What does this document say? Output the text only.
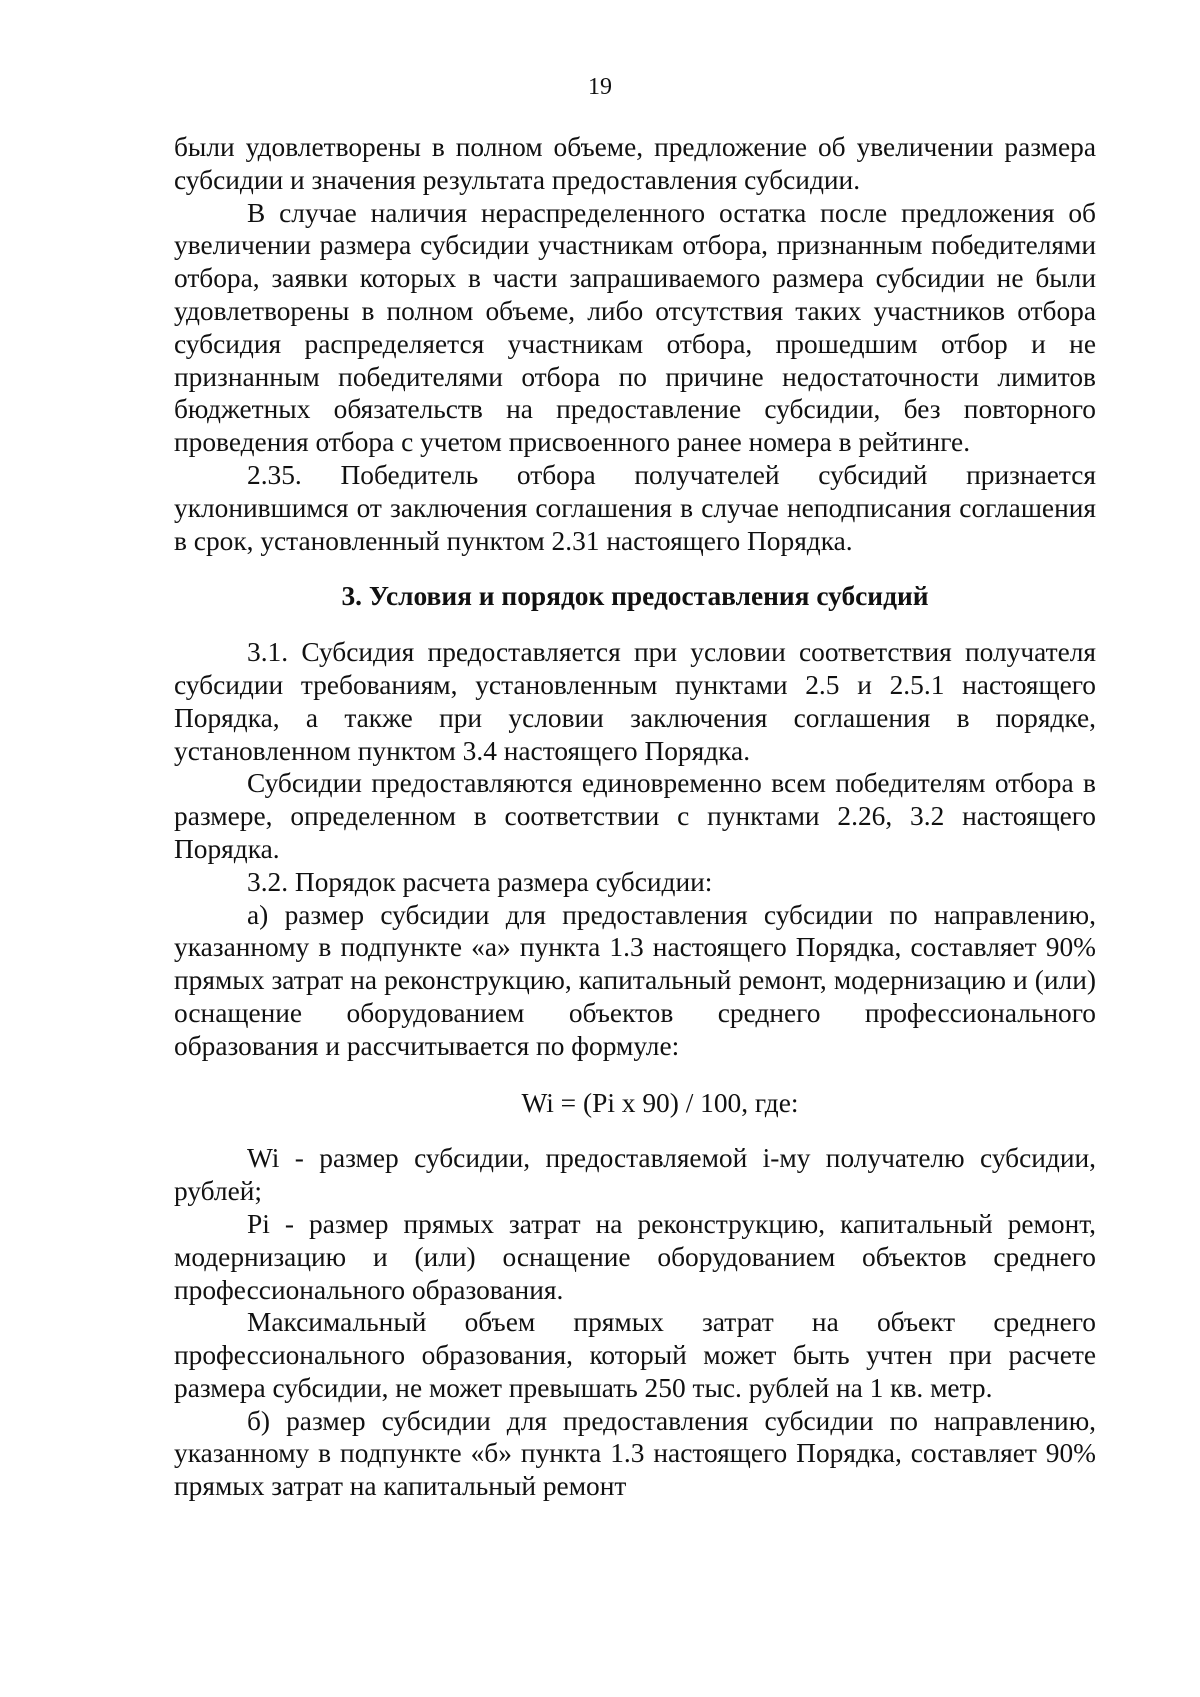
19

были удовлетворены в полном объеме, предложение об увеличении размера субсидии и значения результата предоставления субсидии.

В случае наличия нераспределенного остатка после предложения об увеличении размера субсидии участникам отбора, признанным победителями отбора, заявки которых в части запрашиваемого размера субсидии не были удовлетворены в полном объеме, либо отсутствия таких участников отбора субсидия распределяется участникам отбора, прошедшим отбор и не признанным победителями отбора по причине недостаточности лимитов бюджетных обязательств на предоставление субсидии, без повторного проведения отбора с учетом присвоенного ранее номера в рейтинге.

2.35. Победитель отбора получателей субсидий признается уклонившимся от заключения соглашения в случае неподписания соглашения в срок, установленный пунктом 2.31 настоящего Порядка.

3. Условия и порядок предоставления субсидий

3.1. Субсидия предоставляется при условии соответствия получателя субсидии требованиям, установленным пунктами 2.5 и 2.5.1 настоящего Порядка, а также при условии заключения соглашения в порядке, установленном пунктом 3.4 настоящего Порядка.

Субсидии предоставляются единовременно всем победителям отбора в размере, определенном в соответствии с пунктами 2.26, 3.2 настоящего Порядка.

3.2. Порядок расчета размера субсидии:

а) размер субсидии для предоставления субсидии по направлению, указанному в подпункте «а» пункта 1.3 настоящего Порядка, составляет 90% прямых затрат на реконструкцию, капитальный ремонт, модернизацию и (или) оснащение оборудованием объектов среднего профессионального образования и рассчитывается по формуле:

Wi = (Pi x 90) / 100, где:

Wi - размер субсидии, предоставляемой i-му получателю субсидии, рублей;

Pi - размер прямых затрат на реконструкцию, капитальный ремонт, модернизацию и (или) оснащение оборудованием объектов среднего профессионального образования.

Максимальный объем прямых затрат на объект среднего профессионального образования, который может быть учтен при расчете размера субсидии, не может превышать 250 тыс. рублей на 1 кв. метр.

б) размер субсидии для предоставления субсидии по направлению, указанному в подпункте «б» пункта 1.3 настоящего Порядка, составляет 90% прямых затрат на капитальный ремонт
